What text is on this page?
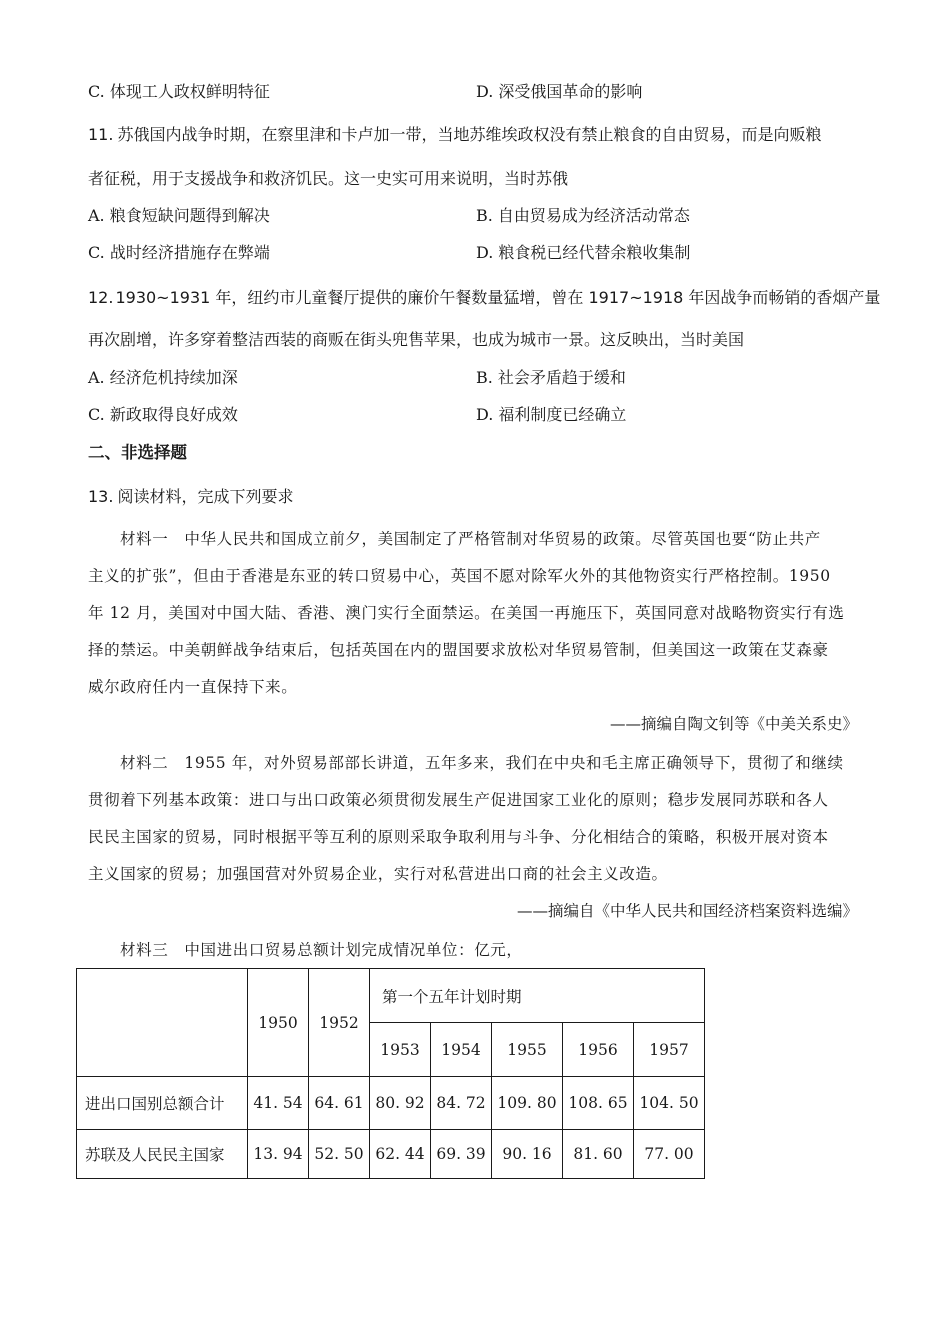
C. 体现工人政权鲜明特征	D. 深受俄国革命的影响
11. 苏俄国内战争时期，在察里津和卡卢加一带，当地苏维埃政权没有禁止粮食的自由贸易，而是向贩粮
者征税，用于支援战争和救济饥民。这一史实可用来说明，当时苏俄
A. 粮食短缺问题得到解决	B. 自由贸易成为经济活动常态
C. 战时经济措施存在弊端	D. 粮食税已经代替余粮收集制
12. 1930~1931 年，纽约市儿童餐厅提供的廉价午餐数量猛增，曾在 1917~1918 年因战争而畅销的香烟产量
再次剧增，许多穿着整洁西装的商贩在街头兜售苹果，也成为城市一景。这反映出，当时美国
A. 经济危机持续加深	B. 社会矛盾趋于缓和
C. 新政取得良好成效	D. 福利制度已经确立
二、非选择题
13. 阅读材料，完成下列要求
材料一　中华人民共和国成立前夕，美国制定了严格管制对华贸易的政策。尽管英国也要“防止共产
主义的扩张”，但由于香港是东亚的转口贸易中心，英国不愿对除军火外的其他物资实行严格控制。1950
年 12 月，美国对中国大陆、香港、澳门实行全面禁运。在美国一再施压下，英国同意对战略物资实行有选
择的禁运。中美朝鲜战争结束后，包括英国在内的盟国要求放松对华贸易管制，但美国这一政策在艾森豪
威尔政府任内一直保持下来。
——摘编自陶文钊等《中美关系史》
材料二　1955 年，对外贸易部部长讲道，五年多来，我们在中央和毛主席正确领导下，贯彻了和继续
贯彻着下列基本政策：进口与出口政策必须贯彻发展生产促进国家工业化的原则；稳步发展同苏联和各人
民民主国家的贸易，同时根据平等互利的原则采取争取利用与斗争、分化相结合的策略，积极开展对资本
主义国家的贸易；加强国营对外贸易企业，实行对私营进出口商的社会主义改造。
——摘编自《中华人民共和国经济档案资料选编》
材料三　中国进出口贸易总额计划完成情况单位：亿元，
	1950	1952	第一个五年计划时期				
			1953	1954	1955	1956	1957
进出口国别总额合计	41. 54	64. 61	80. 92	84. 72	109. 80	108. 65	104. 50
苏联及人民民主国家	13. 94	52. 50	62. 44	69. 39	90. 16	81. 60	77. 00
